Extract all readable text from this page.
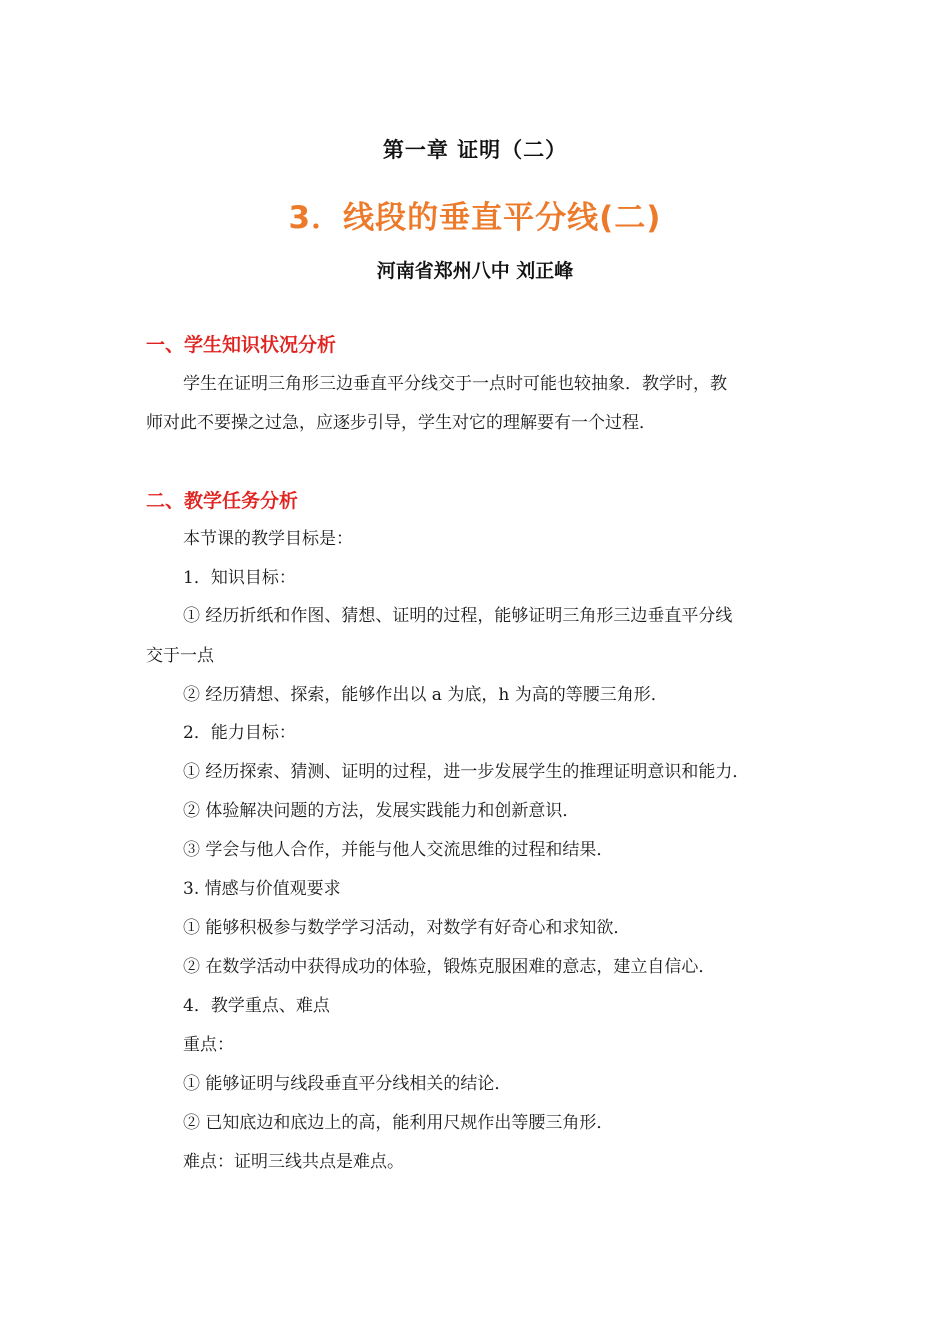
第一章 证明（二）
3．线段的垂直平分线(二)
河南省郑州八中 刘正峰
一、学生知识状况分析
学生在证明三角形三边垂直平分线交于一点时可能也较抽象．教学时，教
师对此不要操之过急，应逐步引导，学生对它的理解要有一个过程．
二、教学任务分析
本节课的教学目标是：
1．知识目标：
① 经历折纸和作图、猜想、证明的过程，能够证明三角形三边垂直平分线
交于一点
② 经历猜想、探索，能够作出以 a 为底，h 为高的等腰三角形．
2．能力目标：
① 经历探索、猜测、证明的过程，进一步发展学生的推理证明意识和能力．
② 体验解决问题的方法，发展实践能力和创新意识．
③ 学会与他人合作，并能与他人交流思维的过程和结果．
3. 情感与价值观要求
① 能够积极参与数学学习活动，对数学有好奇心和求知欲．
② 在数学活动中获得成功的体验，锻炼克服困难的意志，建立自信心．
4．教学重点、难点
重点：
① 能够证明与线段垂直平分线相关的结论．
② 已知底边和底边上的高，能利用尺规作出等腰三角形．
难点：证明三线共点是难点。
